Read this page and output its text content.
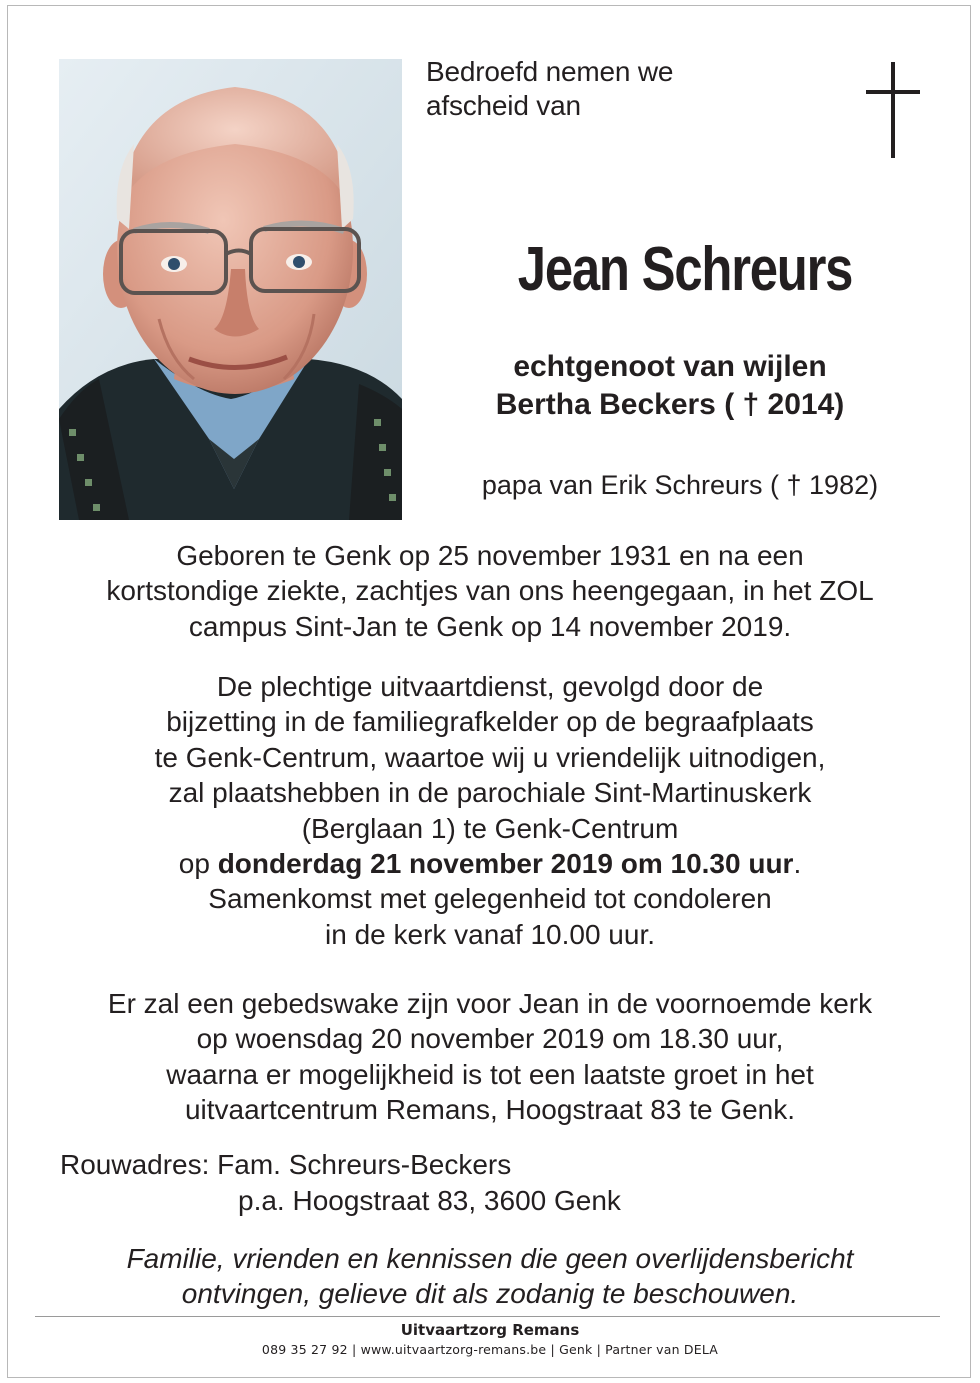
Bedroefd nemen we
afscheid van
Jean Schreurs
echtgenoot van wijlen
Bertha Beckers ( † 2014)
papa van Erik Schreurs ( † 1982)
Geboren te Genk op 25 november 1931 en na een
kortstondige ziekte, zachtjes van ons heengegaan, in het ZOL
campus Sint-Jan te Genk op 14 november 2019.
De plechtige uitvaartdienst, gevolgd door de
bijzetting in de familiegrafkelder op de begraafplaats
te Genk-Centrum, waartoe wij u vriendelijk uitnodigen,
zal plaatshebben in de parochiale Sint-Martinuskerk
(Berglaan 1) te Genk-Centrum
op donderdag 21 november 2019 om 10.30 uur.
Samenkomst met gelegenheid tot condoleren
in de kerk vanaf 10.00 uur.
Er zal een gebedswake zijn voor Jean in de voornoemde kerk
op woensdag 20 november 2019 om 18.30 uur,
waarna er mogelijkheid is tot een laatste groet in het
uitvaartcentrum Remans, Hoogstraat 83 te Genk.
Rouwadres: Fam. Schreurs-Beckers
p.a. Hoogstraat 83, 3600 Genk
Familie, vrienden en kennissen die geen overlijdensbericht
ontvingen, gelieve dit als zodanig te beschouwen.
Uitvaartzorg Remans
089 35 27 92 | www.uitvaartzorg-remans.be | Genk | Partner van DELA
